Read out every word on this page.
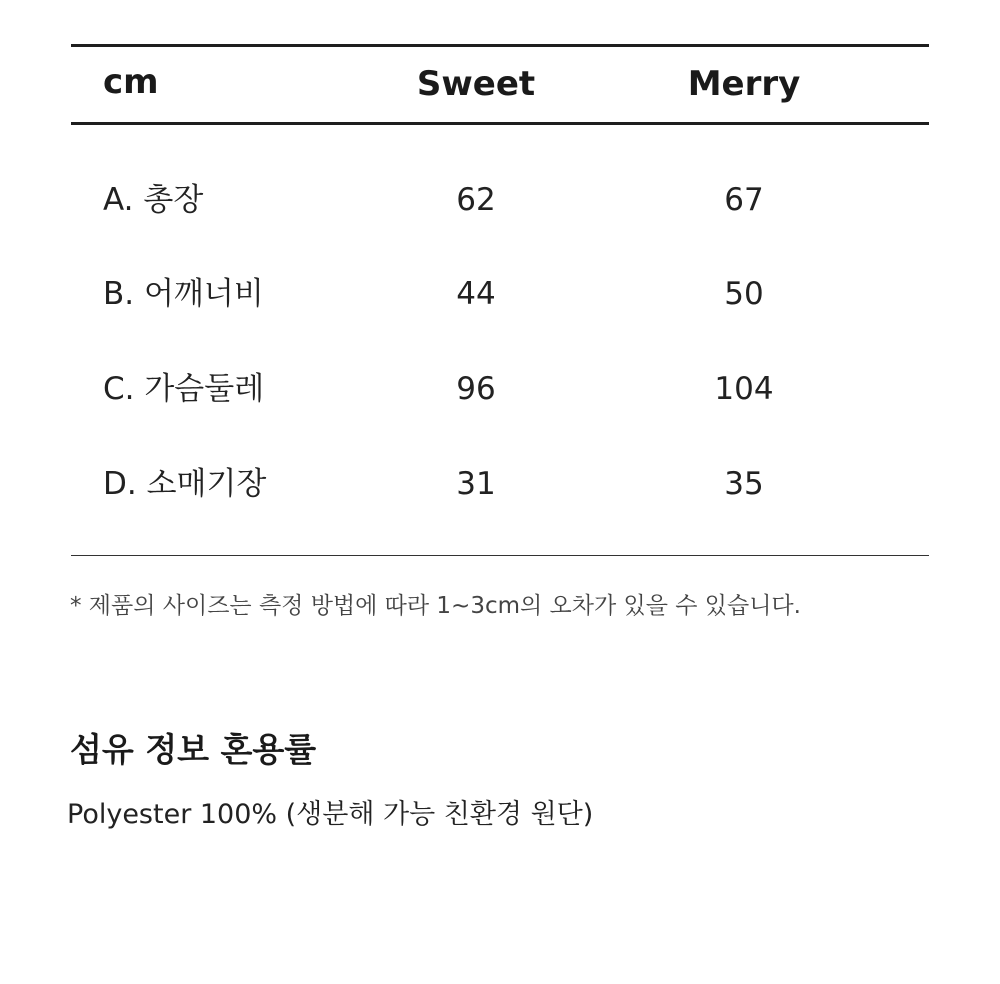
cm	Sweet	Merry
A. 총장	62	67
B. 어깨너비	44	50
C. 가슴둘레	96	104
D. 소매기장	31	35
* 제품의 사이즈는 측정 방법에 따라 1~3cm의 오차가 있을 수 있습니다.
섬유 정보 혼용률
Polyester 100% (생분해 가능 친환경 원단)
